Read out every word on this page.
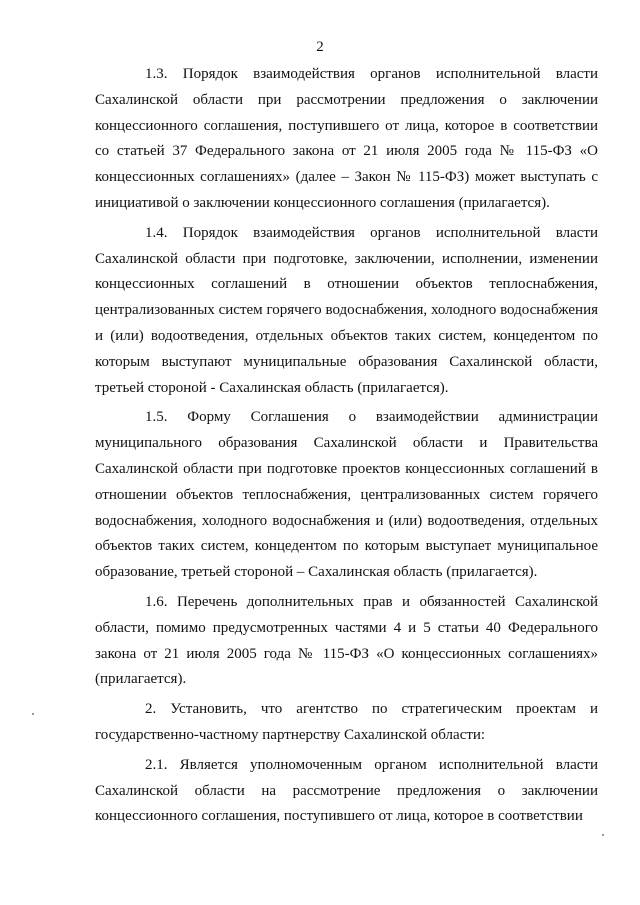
2

1.3. Порядок взаимодействия органов исполнительной власти Сахалинской области при рассмотрении предложения о заключении концессионного соглашения, поступившего от лица, которое в соответствии со статьей 37 Федерального закона от 21 июля 2005 года № 115-ФЗ «О концессионных соглашениях» (далее – Закон № 115-ФЗ) может выступать с инициативой о заключении концессионного соглашения (прилагается).

1.4. Порядок взаимодействия органов исполнительной власти Сахалинской области при подготовке, заключении, исполнении, изменении концессионных соглашений в отношении объектов теплоснабжения, централизованных систем горячего водоснабжения, холодного водоснабжения и (или) водоотведения, отдельных объектов таких систем, концедентом по которым выступают муниципальные образования Сахалинской области, третьей стороной - Сахалинская область (прилагается).

1.5. Форму Соглашения о взаимодействии администрации муниципального образования Сахалинской области и Правительства Сахалинской области при подготовке проектов концессионных соглашений в отношении объектов теплоснабжения, централизованных систем горячего водоснабжения, холодного водоснабжения и (или) водоотведения, отдельных объектов таких систем, концедентом по которым выступает муниципальное образование, третьей стороной – Сахалинская область (прилагается).

1.6. Перечень дополнительных прав и обязанностей Сахалинской области, помимо предусмотренных частями 4 и 5 статьи 40 Федерального закона от 21 июля 2005 года № 115-ФЗ «О концессионных соглашениях» (прилагается).

2. Установить, что агентство по стратегическим проектам и государственно-частному партнерству Сахалинской области:

2.1. Является уполномоченным органом исполнительной власти Сахалинской области на рассмотрение предложения о заключении концессионного соглашения, поступившего от лица, которое в соответствии
